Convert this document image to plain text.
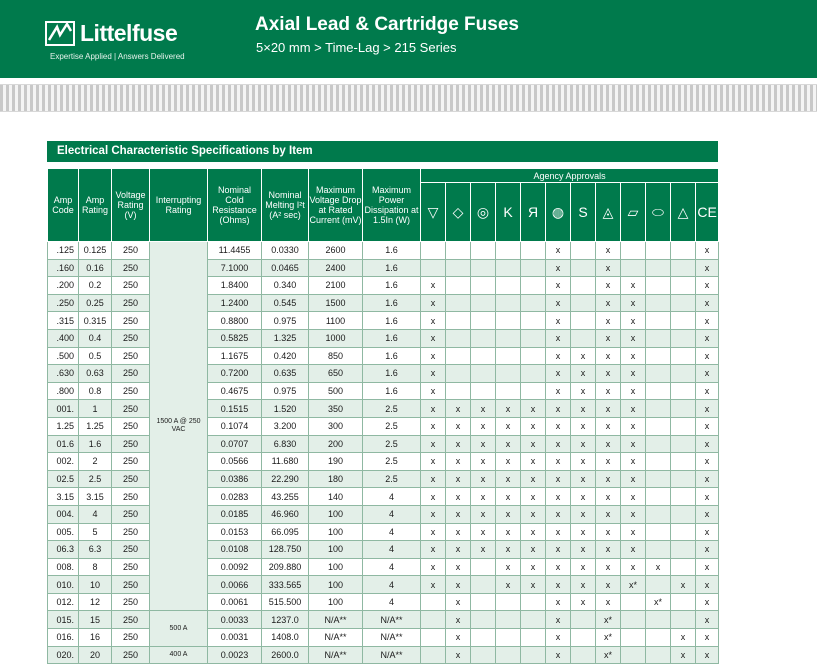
Littelfuse
Expertise Applied | Answers Delivered
Axial Lead & Cartridge Fuses
5×20 mm > Time-Lag > 215 Series
Electrical Characteristic Specifications by Item
Amp Code	Amp Rating	Voltage Rating (V)	Interrupting Rating	Nominal Cold Resistance (Ohms)	Nominal Melting I²t (A² sec)	Maximum Voltage Drop at Rated Current (mV)	Maximum Power Dissipation at 1.5In (W)	Agency Approvals											
								▽	◇	◎	K	Я	◍	S	◬	▱	⬭	△	CE
.125	0.125	250	1500 A @ 250 VAC	11.4455	0.0330	2600	1.6						x		x				x
.160	0.16	250		7.1000	0.0465	2400	1.6						x		x				x
.200	0.2	250		1.8400	0.340	2100	1.6	x					x		x	x			x
.250	0.25	250		1.2400	0.545	1500	1.6	x					x		x	x			x
.315	0.315	250		0.8800	0.975	1100	1.6	x					x		x	x			x
.400	0.4	250		0.5825	1.325	1000	1.6	x					x		x	x			x
.500	0.5	250		1.1675	0.420	850	1.6	x					x	x	x	x			x
.630	0.63	250		0.7200	0.635	650	1.6	x					x	x	x	x			x
.800	0.8	250		0.4675	0.975	500	1.6	x					x	x	x	x			x
001.	1	250		0.1515	1.520	350	2.5	x	x	x	x	x	x	x	x	x			x
1.25	1.25	250		0.1074	3.200	300	2.5	x	x	x	x	x	x	x	x	x			x
01.6	1.6	250		0.0707	6.830	200	2.5	x	x	x	x	x	x	x	x	x			x
002.	2	250		0.0566	11.680	190	2.5	x	x	x	x	x	x	x	x	x			x
02.5	2.5	250		0.0386	22.290	180	2.5	x	x	x	x	x	x	x	x	x			x
3.15	3.15	250		0.0283	43.255	140	4	x	x	x	x	x	x	x	x	x			x
004.	4	250		0.0185	46.960	100	4	x	x	x	x	x	x	x	x	x			x
005.	5	250		0.0153	66.095	100	4	x	x	x	x	x	x	x	x	x			x
06.3	6.3	250		0.0108	128.750	100	4	x	x	x	x	x	x	x	x	x			x
008.	8	250		0.0092	209.880	100	4	x	x		x	x	x	x	x	x	x		x
010.	10	250		0.0066	333.565	100	4	x	x		x	x	x	x	x	x*		x	x
012.	12	250		0.0061	515.500	100	4		x				x	x	x		x*		x
015.	15	250	500 A	0.0033	1237.0	N/A**	N/A**		x				x		x*				x
016.	16	250		0.0031	1408.0	N/A**	N/A**		x				x		x*			x	x
020.	20	250	400 A	0.0023	2600.0	N/A**	N/A**		x				x		x*			x	x
